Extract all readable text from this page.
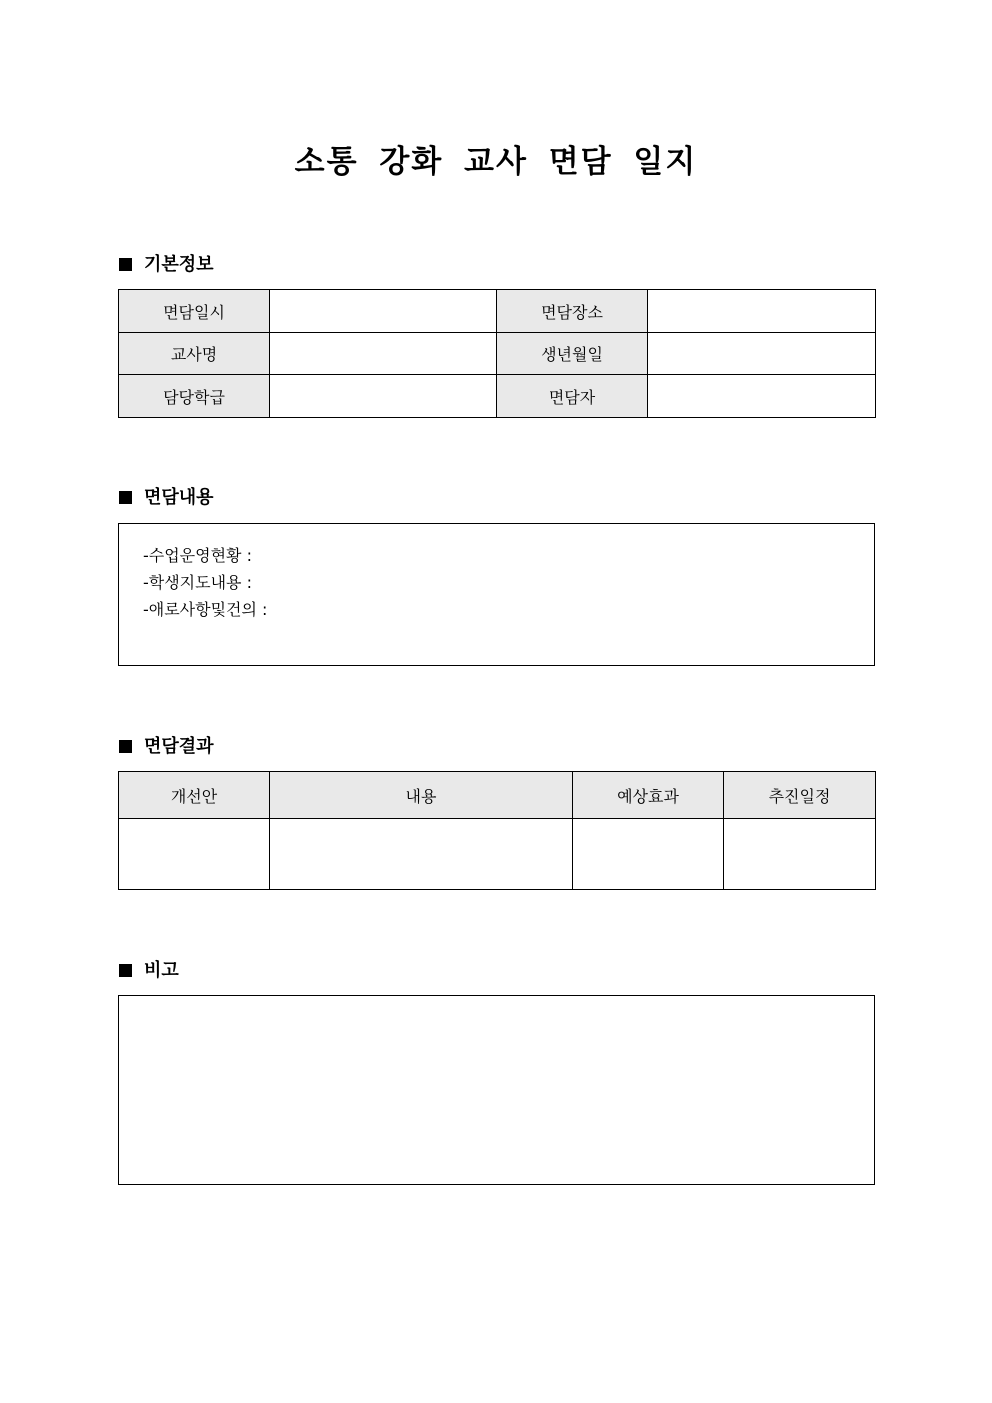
소통 강화 교사 면담 일지
기본정보
면담일시		면담장소	
교사명		생년월일	
담당학급		면담자	
면담내용
-수업운영현황 :
-학생지도내용 :
-애로사항및건의 :
면담결과
개선안	내용	예상효과	추진일정

비고
